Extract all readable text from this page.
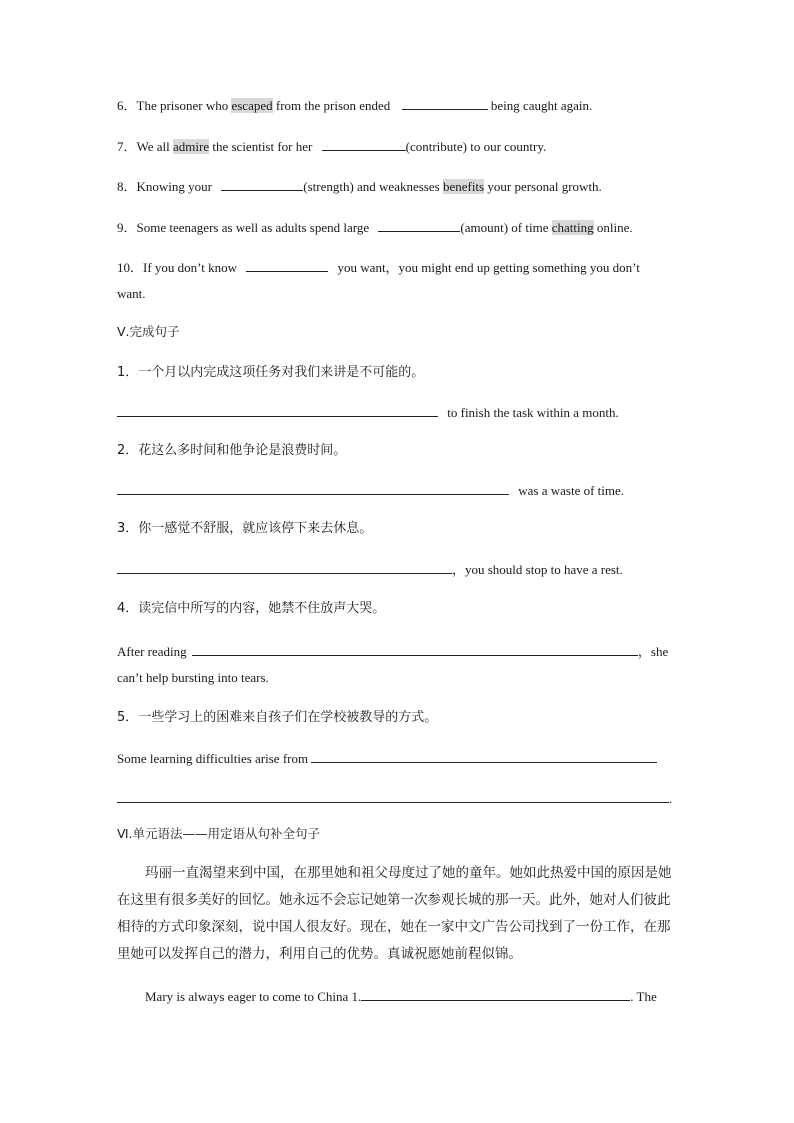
6．The prisoner who escaped from the prison ended	being caught again.
7．We all admire the scientist for her	(contribute) to our country.
8．Knowing your	(strength) and weaknesses benefits your personal growth.
9．Some teenagers as well as adults spend large	(amount) of time chatting online.
10．If you don’t know	you want，you might end up getting something you don’t
want.
Ⅴ.完成句子
1．一个月以内完成这项任务对我们来讲是不可能的。
to finish the task within a month.
2．花这么多时间和他争论是浪费时间。
was a waste of time.
3．你一感觉不舒服，就应该停下来去休息。
，you should stop to have a rest.
4．读完信中所写的内容，她禁不住放声大哭。
After reading	，she
can’t help bursting into tears.
5．一些学习上的困难来自孩子们在学校被教导的方式。
Some learning difficulties arise from
.
Ⅵ.单元语法——用定语从句补全句子
玛丽一直渴望来到中国，在那里她和祖父母度过了她的童年。她如此热爱中国的原因是她在这里有很多美好的回忆。她永远不会忘记她第一次参观长城的那一天。此外，她对人们彼此相待的方式印象深刻，说中国人很友好。现在，她在一家中文广告公司找到了一份工作，在那里她可以发挥自己的潜力，利用自己的优势。真诚祝愿她前程似锦。
Mary is always eager to come to China 1.	. The
